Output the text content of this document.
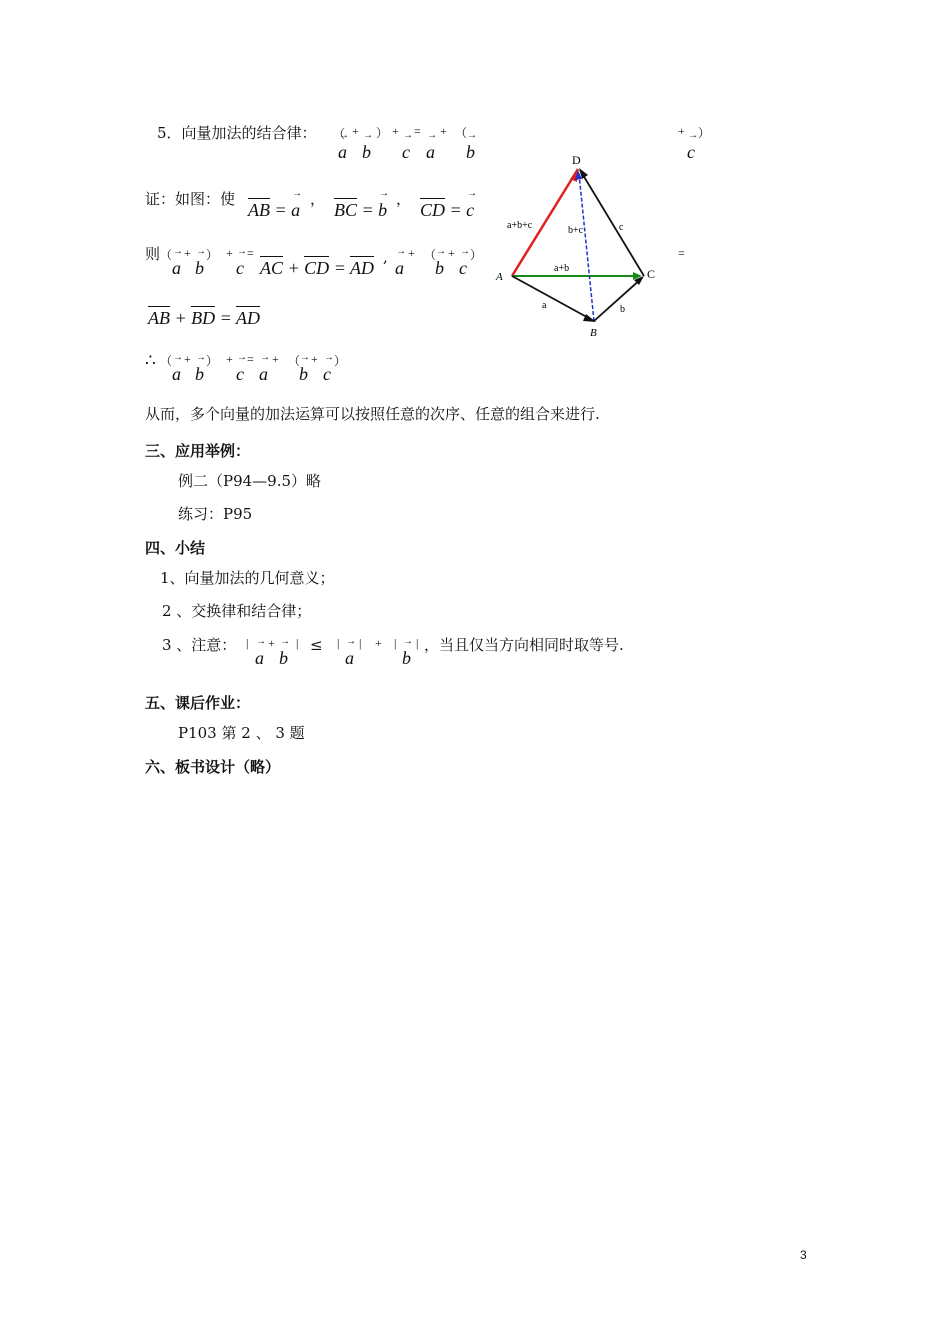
5．向量加法的结合律： （
→ a
+
→ b
） +
→ c
=
→ a
+ （
→ b
+ ）
→ c
证：如图：使
AB = → a
，
BC = → b
，
CD = → c
则 （
→ a
+
→ b
） +
→ c
=
AC + CD = AD
,
→ a
+ （
→ b
+
→ c
）	=
AB + BD = AD
∴ （
→ a
+
→ b
） +
→ c
=
→ a
+ （
→ b
+
→ c
）
D
A	C
B
a+b+c	b+c	c
a+b
a	b
从而，多个向量的加法运算可以按照任意的次序、任意的组合来进行.
三、应用举例：
例二（P94—9.5）略
练习：P95
四、小结
1、向量加法的几何意义；
2 、交换律和结合律；
3 、注意： |
→ a
+
→ b
| ≤ |
→ a
| + |
→ b
| ，当且仅当方向相同时取等号.
五、课后作业：
P103 第 2 、 3 题
六、板书设计（略）
3
